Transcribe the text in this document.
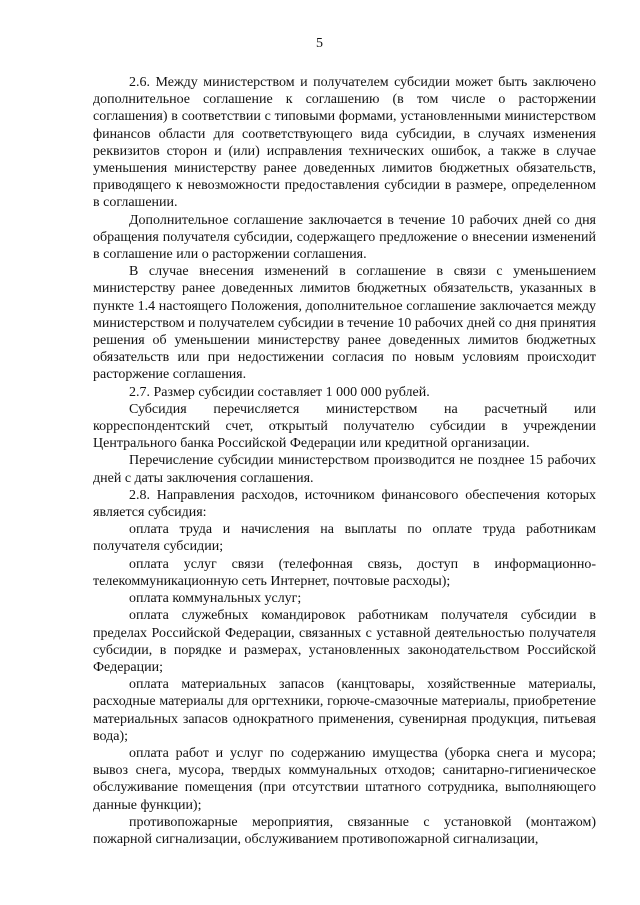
5

2.6. Между министерством и получателем субсидии может быть заключено дополнительное соглашение к соглашению (в том числе о расторжении соглашения) в соответствии с типовыми формами, установленными министерством финансов области для соответствующего вида субсидии, в случаях изменения реквизитов сторон и (или) исправления технических ошибок, а также в случае уменьшения министерству ранее доведенных лимитов бюджетных обязательств, приводящего к невозможности предоставления субсидии в размере, определенном в соглашении.

Дополнительное соглашение заключается в течение 10 рабочих дней со дня обращения получателя субсидии, содержащего предложение о внесении изменений в соглашение или о расторжении соглашения.

В случае внесения изменений в соглашение в связи с уменьшением министерству ранее доведенных лимитов бюджетных обязательств, указанных в пункте 1.4 настоящего Положения, дополнительное соглашение заключается между министерством и получателем субсидии в течение 10 рабочих дней со дня принятия решения об уменьшении министерству ранее доведенных лимитов бюджетных обязательств или при недостижении согласия по новым условиям происходит расторжение соглашения.

2.7. Размер субсидии составляет 1 000 000 рублей.

Субсидия перечисляется министерством на расчетный или корреспондентский счет, открытый получателю субсидии в учреждении Центрального банка Российской Федерации или кредитной организации.

Перечисление субсидии министерством производится не позднее 15 рабочих дней с даты заключения соглашения.

2.8. Направления расходов, источником финансового обеспечения которых является субсидия:

оплата труда и начисления на выплаты по оплате труда работникам получателя субсидии;

оплата услуг связи (телефонная связь, доступ в информационно-телекоммуникационную сеть Интернет, почтовые расходы);

оплата коммунальных услуг;

оплата служебных командировок работникам получателя субсидии в пределах Российской Федерации, связанных с уставной деятельностью получателя субсидии, в порядке и размерах, установленных законодательством Российской Федерации;

оплата материальных запасов (канцтовары, хозяйственные материалы, расходные материалы для оргтехники, горюче-смазочные материалы, приобретение материальных запасов однократного применения, сувенирная продукция, питьевая вода);

оплата работ и услуг по содержанию имущества (уборка снега и мусора; вывоз снега, мусора, твердых коммунальных отходов; санитарно-гигиеническое обслуживание помещения (при отсутствии штатного сотрудника, выполняющего данные функции);

противопожарные мероприятия, связанные с установкой (монтажом) пожарной сигнализации, обслуживанием противопожарной сигнализации,
